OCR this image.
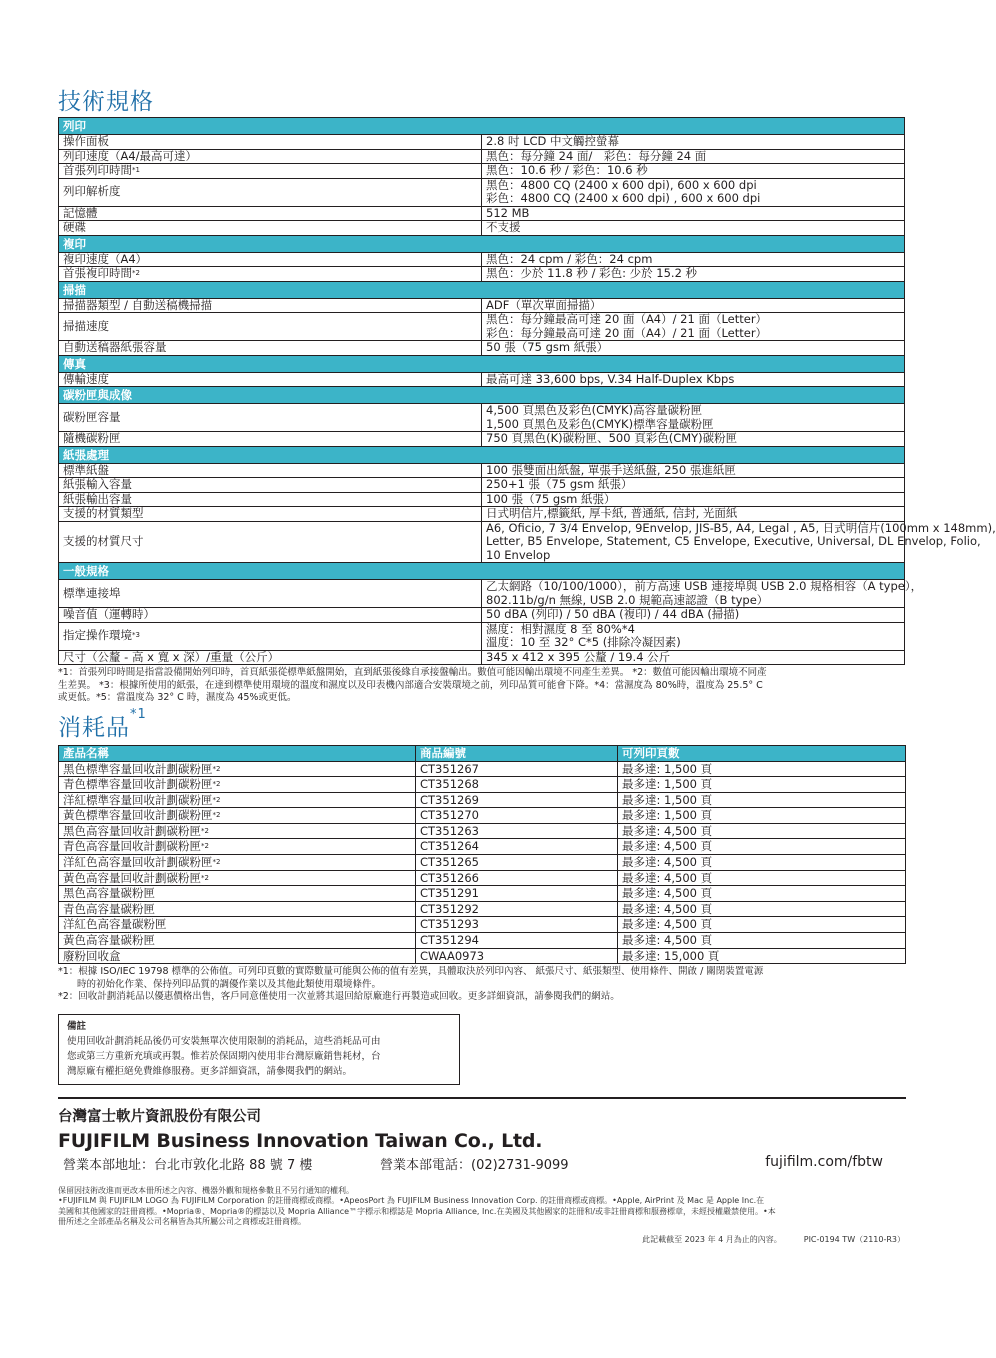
技術規格
列印	
操作面板	2.8 吋 LCD 中文觸控螢幕

列印速度（A4/最高可達）	黑色：每分鐘 24 面/　彩色：每分鐘 24 面

首張列印時間$^{*1}$	黑色：10.6 秒 / 彩色：10.6 秒

列印解析度	黑色：4800 CQ (2400 x 600 dpi), 600 x 600 dpi
彩色：4800 CQ (2400 x 600 dpi) , 600 x 600 dpi

記憶體	512 MB

硬碟	不支援

複印	
複印速度（A4）	黑色：24 cpm / 彩色：24 cpm

首張複印時間$^{*2}$	黑色：少於 11.8 秒 / 彩色: 少於 15.2 秒

掃描	
掃描器類型 / 自動送稿機掃描	ADF（單次單面掃描）

掃描速度	黑色：每分鐘最高可達 20 面（A4）/ 21 面（Letter）
彩色：每分鐘最高可達 20 面（A4）/ 21 面（Letter）

自動送稿器紙張容量	50 張（75 gsm 紙張）

傳真	
傳輸速度	最高可達 33,600 bps, V.34 Half-Duplex Kbps

碳粉匣與成像	
碳粉匣容量	4,500 頁黑色及彩色(CMYK)高容量碳粉匣
1,500 頁黑色及彩色(CMYK)標準容量碳粉匣

隨機碳粉匣	750 頁黑色(K)碳粉匣、500 頁彩色(CMY)碳粉匣

紙張處理	
標準紙盤	100 張雙面出紙盤, 單張手送紙盤, 250 張進紙匣

紙張輸入容量	250+1 張（75 gsm 紙張）

紙張輸出容量	100 張（75 gsm 紙張）

支援的材質類型	日式明信片,標籤紙, 厚卡紙, 普通紙, 信封, 光面紙

支援的材質尺寸	A6, Oficio, 7 3/4 Envelop, 9Envelop, JIS-B5, A4, Legal , A5, 日式明信片(100mm x 148mm),
Letter, B5 Envelope, Statement, C5 Envelope, Executive, Universal, DL Envelop, Folio,
10 Envelop

一般規格	
標準連接埠	乙太網路（10/100/1000），前方高速 USB 連接埠與 USB 2.0 規格相容（A type），
802.11b/g/n 無線, USB 2.0 規範高速認證（B type）

噪音值（運轉時）	50 dBA (列印) / 50 dBA (複印) / 44 dBA (掃描)

指定操作環境$^{*3}$	濕度：相對濕度 8 至 80%*4
溫度：10 至 32° C*5 (排除冷凝因素)

尺寸（公釐 - 高 x 寬 x 深）/重量（公斤）	345 x 412 x 395 公釐 / 19.4 公斤

*1：首張列印時間是指當設備開始列印時，首頁紙張從標準紙盤開始，直到紙張後緣自承接盤輸出。數值可能因輸出環境不同產生差異。 *2：數值可能因輸出環境不同產

生差異。 *3：根據所使用的紙張，在達到標準使用環境的溫度和濕度以及印表機內部適合安裝環境之前，列印品質可能會下降。*4：當濕度為 80%時，溫度為 25.5° C

或更低。*5：當溫度為 32° C 時，濕度為 45%或更低。

消耗品$^{*1}$
產品名稱	商品編號	可列印頁數
黑色標準容量回收計劃碳粉匣$^{*2}$	CT351267	最多達: 1,500 頁
青色標準容量回收計劃碳粉匣$^{*2}$	CT351268	最多達: 1,500 頁
洋紅標準容量回收計劃碳粉匣$^{*2}$	CT351269	最多達: 1,500 頁
黃色標準容量回收計劃碳粉匣$^{*2}$	CT351270	最多達: 1,500 頁
黑色高容量回收計劃碳粉匣$^{*2}$	CT351263	最多達: 4,500 頁
青色高容量回收計劃碳粉匣$^{*2}$	CT351264	最多達: 4,500 頁
洋紅色高容量回收計劃碳粉匣$^{*2}$	CT351265	最多達: 4,500 頁
黃色高容量回收計劃碳粉匣$^{*2}$	CT351266	最多達: 4,500 頁
黑色高容量碳粉匣	CT351291	最多達: 4,500 頁
青色高容量碳粉匣	CT351292	最多達: 4,500 頁
洋紅色高容量碳粉匣	CT351293	最多達: 4,500 頁
黃色高容量碳粉匣	CT351294	最多達: 4,500 頁
廢粉回收盒	CWAA0973	最多達: 15,000 頁

*1：根據 ISO/IEC 19798 標準的公佈值。可列印頁數的實際數量可能與公佈的值有差異，具體取決於列印內容、 紙張尺寸、紙張類型、使用條件、開啟 / 關閉裝置電源

　　時的初始化作業、保持列印品質的調優作業以及其他此類使用環境條件。

*2：回收計劃消耗品以優惠價格出售，客戶同意僅使用一次並將其退回給原廠進行再製造或回收。更多詳細資訊，請參閱我們的網站。

備註
使用回收計劃消耗品後仍可安裝無單次使用限制的消耗品，這些消耗品可由
您或第三方重新充填或再製。惟若於保固期內使用非台灣原廠銷售耗材，台
灣原廠有權拒絕免費維修服務。更多詳細資訊，請參閱我們的網站。
台灣富士軟片資訊股份有限公司
FUJIFILM Business Innovation Taiwan Co., Ltd.
營業本部地址：台北市敦化北路 88 號 7 樓	營業本部電話：(02)2731-9099	fujifilm.com/fbtw

保留因技術改進而更改本冊所述之內容、機器外觀和規格參數且不另行通知的權利。

•FUJIFILM 與 FUJIFILM LOGO 為 FUJIFILM Corporation 的註冊商標或商標。•ApeosPort 為 FUJIFILM Business Innovation Corp. 的註冊商標或商標。•Apple, AirPrint 及 Mac 是 Apple Inc.在

美國和其他國家的註冊商標。•Mopria®、Mopria®的標誌以及 Mopria Alliance™字標示和標誌是 Mopria Alliance, Inc.在美國及其他國家的註冊和/或非註冊商標和服務標章，未經授權嚴禁使用。•本

冊所述之全部產品名稱及公司名稱皆為其所屬公司之商標或註冊商標。

此記載截至 2023 年 4 月為止的內容。	PIC-0194 TW（2110-R3）
